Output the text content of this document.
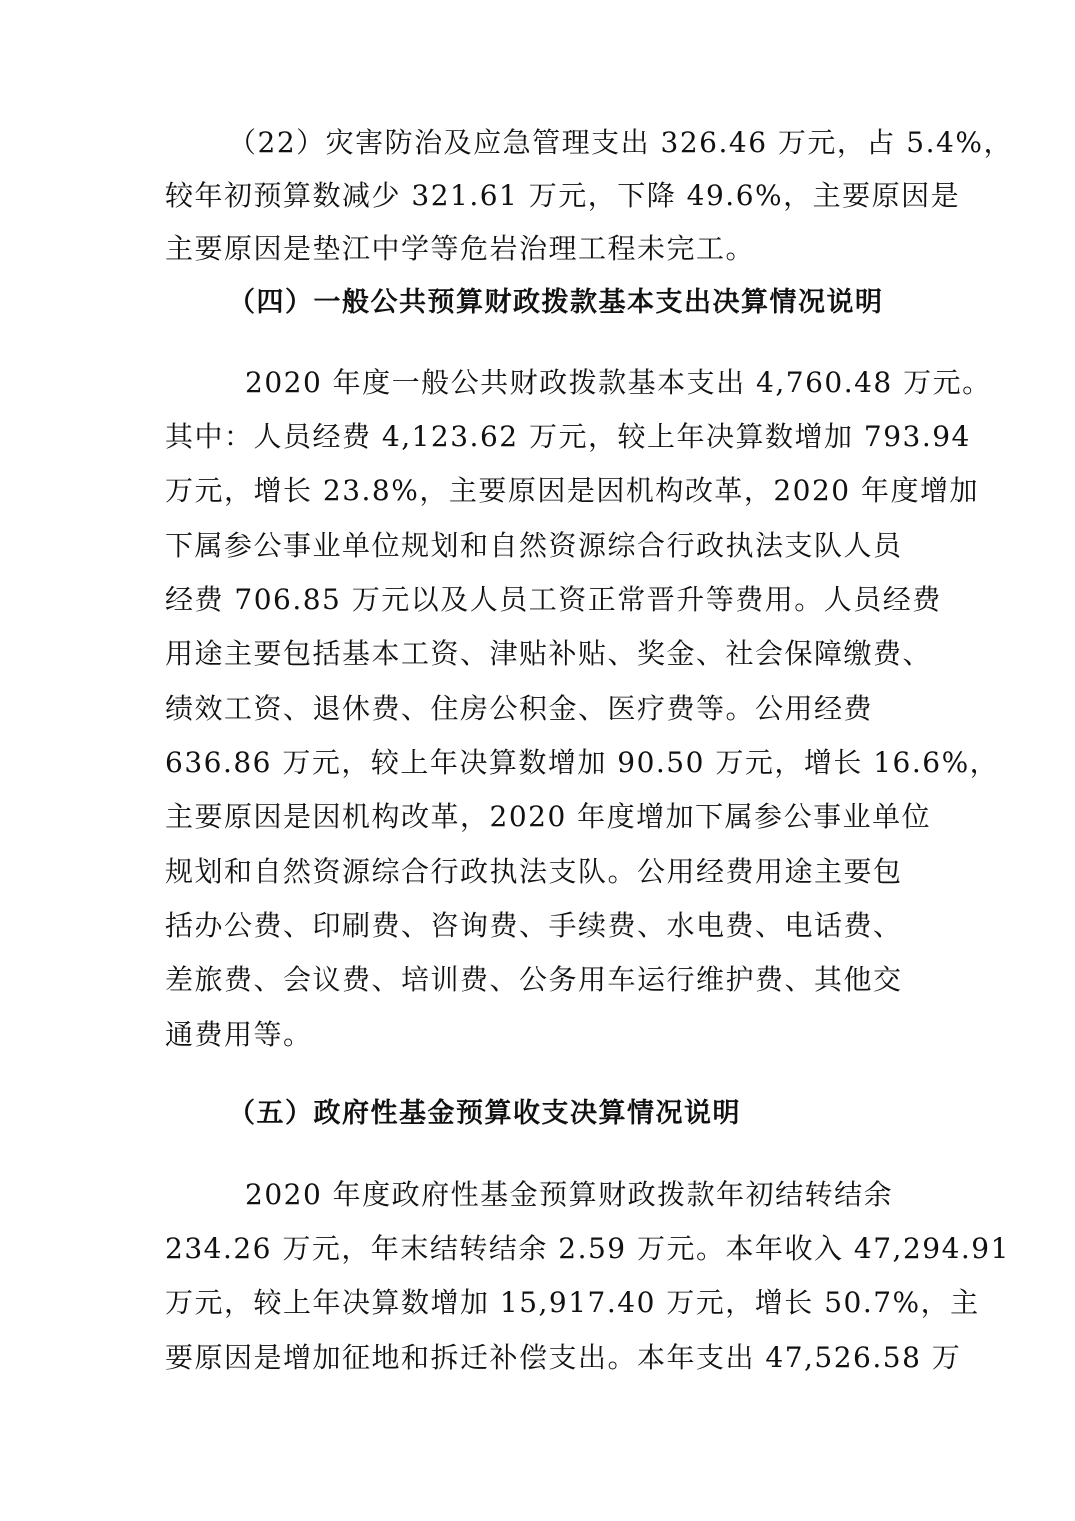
（22）灾害防治及应急管理支出 326.46 万元，占 5.4%，
较年初预算数减少 321.61 万元，下降 49.6%，主要原因是
主要原因是垫江中学等危岩治理工程未完工。
（四）一般公共预算财政拨款基本支出决算情况说明
2020 年度一般公共财政拨款基本支出 4,760.48 万元。
其中：人员经费 4,123.62 万元，较上年决算数增加 793.94
万元，增长 23.8%，主要原因是因机构改革，2020 年度增加
下属参公事业单位规划和自然资源综合行政执法支队人员
经费 706.85 万元以及人员工资正常晋升等费用。人员经费
用途主要包括基本工资、津贴补贴、奖金、社会保障缴费、
绩效工资、退休费、住房公积金、医疗费等。公用经费
636.86 万元，较上年决算数增加 90.50 万元，增长 16.6%，
主要原因是因机构改革，2020 年度增加下属参公事业单位
规划和自然资源综合行政执法支队。公用经费用途主要包
括办公费、印刷费、咨询费、手续费、水电费、电话费、
差旅费、会议费、培训费、公务用车运行维护费、其他交
通费用等。
（五）政府性基金预算收支决算情况说明
2020 年度政府性基金预算财政拨款年初结转结余
234.26 万元，年末结转结余 2.59 万元。本年收入 47,294.91
万元，较上年决算数增加 15,917.40 万元，增长 50.7%，主
要原因是增加征地和拆迁补偿支出。本年支出 47,526.58 万
